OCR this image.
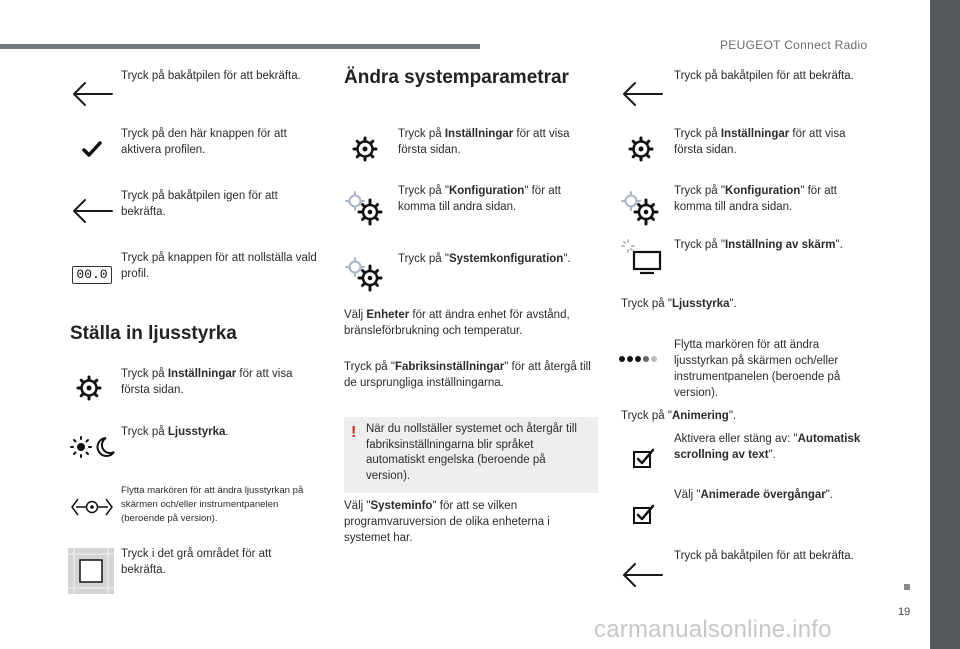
PEUGEOT Connect Radio
Tryck på bakåtpilen för att bekräfta.
Tryck på den här knappen för att aktivera profilen.
Tryck på bakåtpilen igen för att bekräfta.
00.0
Tryck på knappen för att nollställa vald profil.
Ställa in ljusstyrka
Tryck på Inställningar för att visa första sidan.
Tryck på Ljusstyrka.
Flytta markören för att ändra ljusstyrkan på skärmen och/eller instrumentpanelen (beroende på version).
Tryck i det grå området för att bekräfta.
Ändra systemparametrar
Tryck på Inställningar för att visa första sidan.
Tryck på "Konfiguration" för att komma till andra sidan.
Tryck på "Systemkonfiguration".
Välj Enheter för att ändra enhet för avstånd, bränsleförbrukning och temperatur.
Tryck på "Fabriksinställningar" för att återgå till de ursprungliga inställningarna.
! När du nollställer systemet och återgår till fabriksinställningarna blir språket automatiskt engelska (beroende på version).
Välj "Systeminfo" för att se vilken programvaruversion de olika enheterna i systemet har.
Tryck på bakåtpilen för att bekräfta.
Tryck på Inställningar för att visa första sidan.
Tryck på "Konfiguration" för att komma till andra sidan.
Tryck på "Inställning av skärm".
Tryck på "Ljusstyrka".
Flytta markören för att ändra ljusstyrkan på skärmen och/eller instrumentpanelen (beroende på version).
Tryck på "Animering".
Aktivera eller stäng av: "Automatisk scrollning av text".
Välj "Animerade övergångar".
Tryck på bakåtpilen för att bekräfta.
19
carmanualsonline.info
